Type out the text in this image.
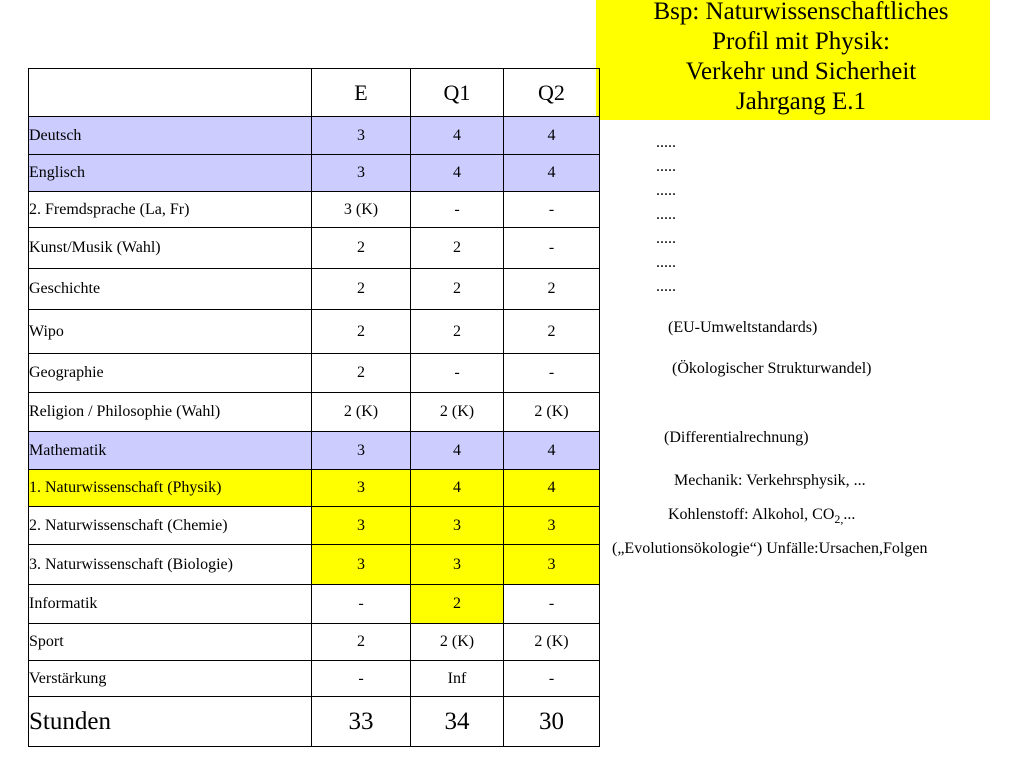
Bsp: Naturwissenschaftliches
Profil mit Physik:
Verkehr und Sicherheit
Jahrgang E.1
	E	Q1	Q2
Deutsch	3	4	4
Englisch	3	4	4
2. Fremdsprache (La, Fr)	3 (K)	-	-
Kunst/Musik (Wahl)	2	2	-
Geschichte	2	2	2
Wipo	2	2	2
Geographie	2	-	-
Religion / Philosophie (Wahl)	2 (K)	2 (K)	2 (K)
Mathematik	3	4	4
1. Naturwissenschaft (Physik)	3	4	4
2. Naturwissenschaft (Chemie)	3	3	3
3. Naturwissenschaft (Biologie)	3	3	3
Informatik	-	2	-
Sport	2	2 (K)	2 (K)
Verstärkung	-	Inf	-
Stunden	33	34	30
.....
.....
.....
.....
.....
.....
.....
(EU-Umweltstandards)
(Ökologischer Strukturwandel)
(Differentialrechnung)
Mechanik: Verkehrsphysik, ...
Kohlenstoff: Alkohol, $CO_{2,}$...
(„Evolutionsökologie“) Unfälle:Ursachen,Folgen
